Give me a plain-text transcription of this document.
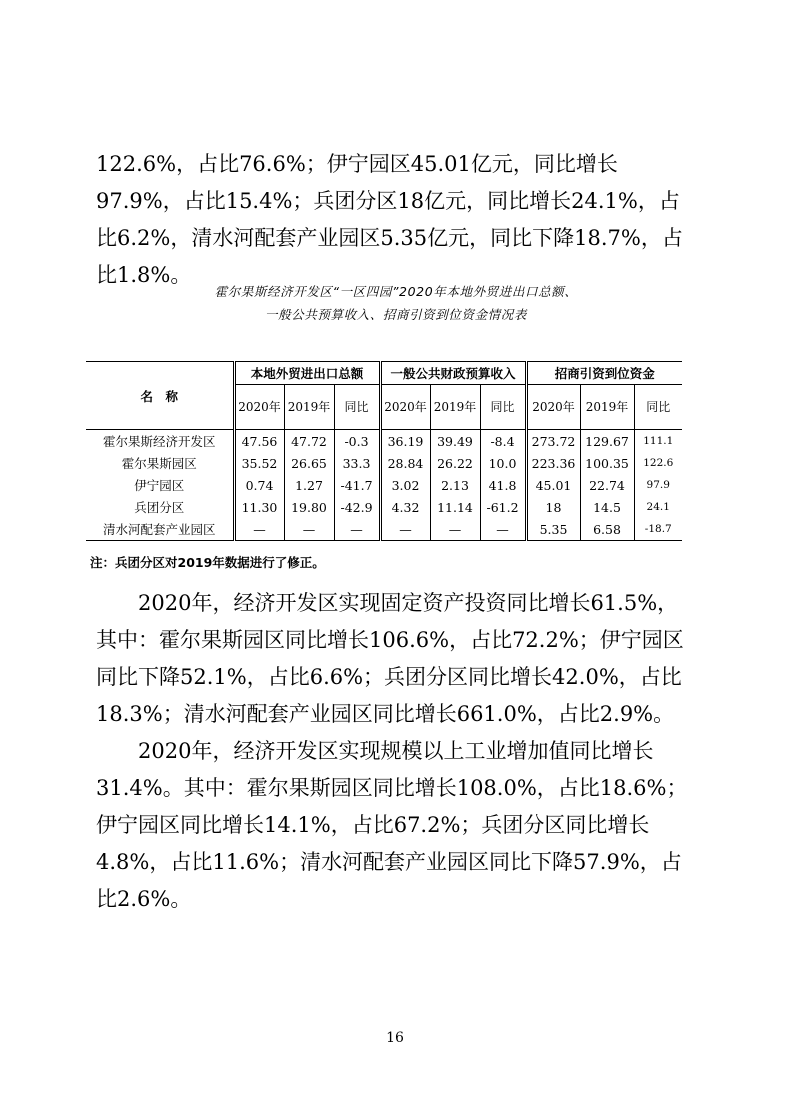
122.6%，占比76.6%；伊宁园区45.01亿元，同比增长97.9%，占比15.4%；兵团分区18亿元，同比增长24.1%，占比6.2%，清水河配套产业园区5.35亿元，同比下降18.7%，占比1.8%。

霍尔果斯经济开发区“一区四园”2020年本地外贸进出口总额、
一般公共预算收入、招商引资到位资金情况表
名　称	本地外贸进出口总额			一般公共财政预算收入			招商引资到位资金		
	2020年	2019年	同比	2020年	2019年	同比	2020年	2019年	同比
霍尔果斯经济开发区	47.56	47.72	-0.3	36.19	39.49	-8.4	273.72	129.67	111.1
霍尔果斯园区	35.52	26.65	33.3	28.84	26.22	10.0	223.36	100.35	122.6
伊宁园区	0.74	1.27	-41.7	3.02	2.13	41.8	45.01	22.74	97.9
兵团分区	11.30	19.80	-42.9	4.32	11.14	-61.2	18	14.5	24.1
清水河配套产业园区	—	—	—	—	—	—	5.35	6.58	-18.7
注：兵团分区对2019年数据进行了修正。

2020年，经济开发区实现固定资产投资同比增长61.5%，其中：霍尔果斯园区同比增长106.6%，占比72.2%；伊宁园区同比下降52.1%，占比6.6%；兵团分区同比增长42.0%，占比18.3%；清水河配套产业园区同比增长661.0%，占比2.9%。

2020年，经济开发区实现规模以上工业增加值同比增长31.4%。其中：霍尔果斯园区同比增长108.0%，占比18.6%；伊宁园区同比增长14.1%，占比67.2%；兵团分区同比增长4.8%，占比11.6%；清水河配套产业园区同比下降57.9%，占比2.6%。

16
